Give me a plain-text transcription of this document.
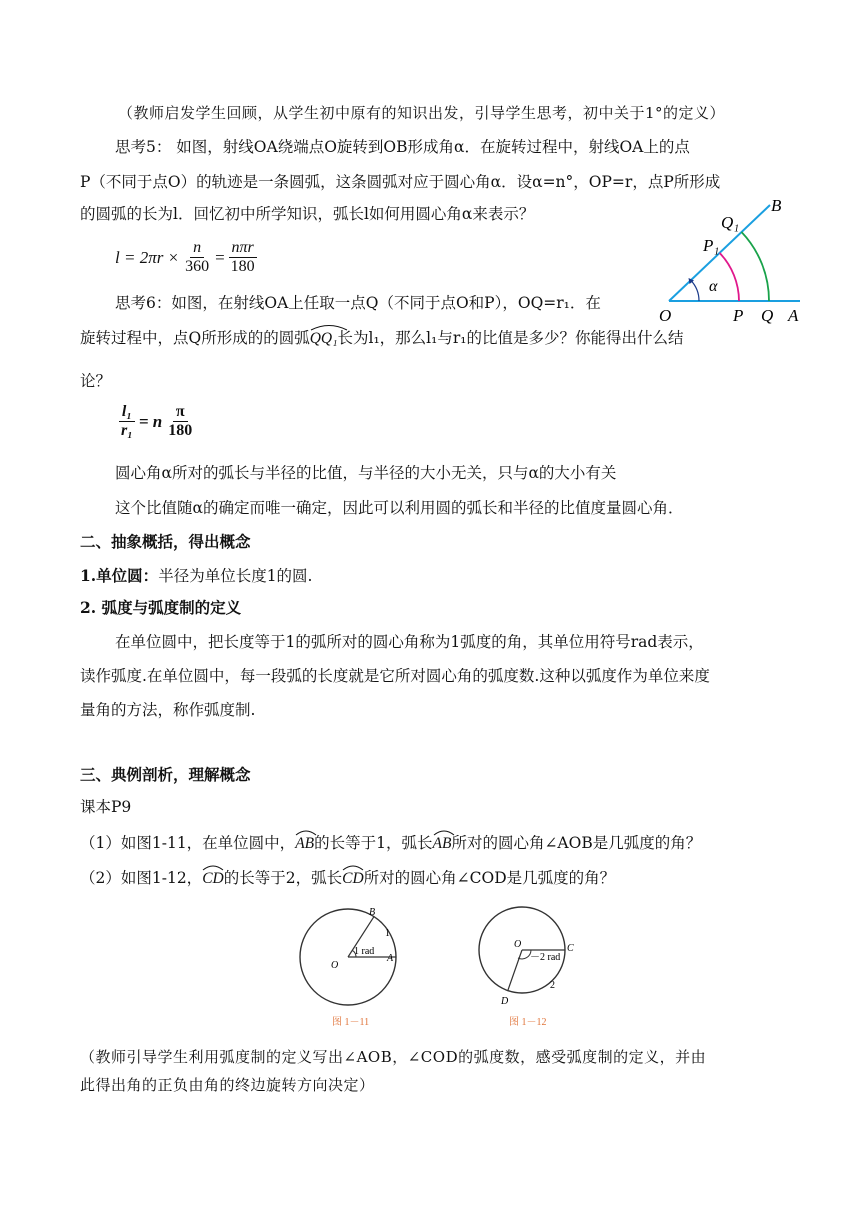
（教师启发学生回顾，从学生初中原有的知识出发，引导学生思考，初中关于1°的定义）
思考5： 如图，射线OA绕端点O旋转到OB形成角α．在旋转过程中，射线OA上的点
P（不同于点O）的轨迹是一条圆弧，这条圆弧对应于圆心角α．设α=n°，OP=r，点P所形成
的圆弧的长为l．回忆初中所学知识，弧长l如何用圆心角α来表示？
$l = 2\pi r \times \frac{n}{360} = \frac{\text{nπr}}{180}$
B
Q₁
P₁
α
O	P Q A
思考6：如图，在射线OA上任取一点Q（不同于点O和P），OQ=r₁．在
旋转过程中，点Q所形成的的圆弧
QQ₁长为l₁，那么l₁与r₁的比值是多少？你能得出什么结
论？
$\frac{\text{l₁}}{\text{r₁}} = n \frac{\pi}{180}$
圆心角α所对的弧长与半径的比值，与半径的大小无关，只与α的大小有关
这个比值随α的确定而唯一确定，因此可以利用圆的弧长和半径的比值度量圆心角．
二、抽象概括，得出概念
1.单位圆：半径为单位长度1的圆.
2. 弧度与弧度制的定义
在单位圆中，把长度等于1的弧所对的圆心角称为1弧度的角，其单位用符号rad表示，
读作弧度.在单位圆中，每一段弧的长度就是它所对圆心角的弧度数.这种以弧度作为单位来度
量角的方法，称作弧度制.
三、典例剖析，理解概念
课本P9
（1）如图1-11，在单位圆中，
AB的长等于1，弧长
AB所对的圆心角∠AOB是几弧度的角？
（2）如图1-12，
CD的长等于2，弧长
CD所对的圆心角∠COD是几弧度的角？
B
1
1 rad
O
A
图 1－11
O	C
－2 rad
D
2
图 1－12
（教师引导学生利用弧度制的定义写出∠AOB，∠COD的弧度数，感受弧度制的定义，并由
此得出角的正负由角的终边旋转方向决定）
